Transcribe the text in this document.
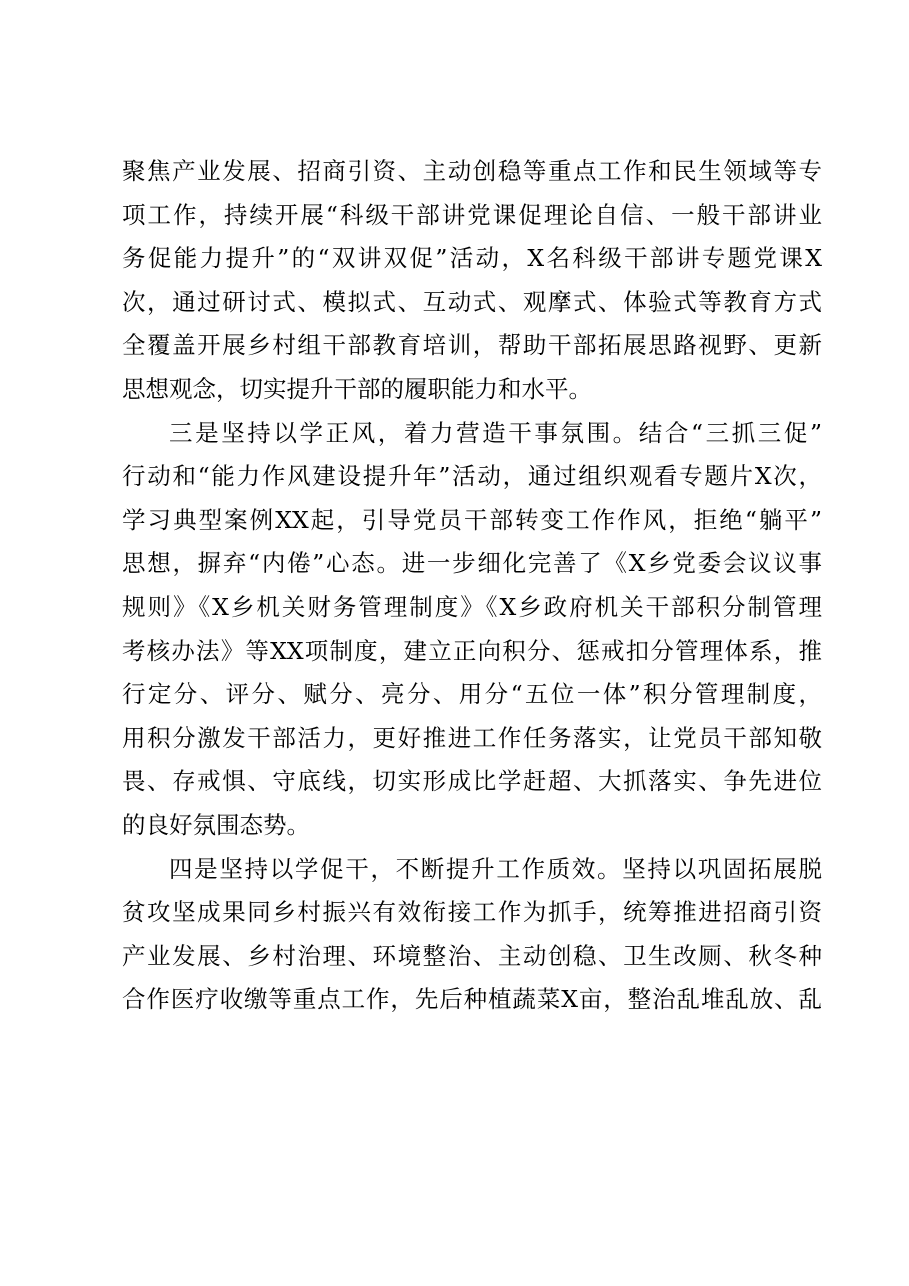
聚焦产业发展、招商引资、主动创稳等重点工作和民生领域等专
项工作，持续开展“科级干部讲党课促理论自信、一般干部讲业
务促能力提升”的“双讲双促”活动，X名科级干部讲专题党课X
次，通过研讨式、模拟式、互动式、观摩式、体验式等教育方式
全覆盖开展乡村组干部教育培训，帮助干部拓展思路视野、更新
思想观念，切实提升干部的履职能力和水平。
三是坚持以学正风，着力营造干事氛围。结合“三抓三促”
行动和“能力作风建设提升年”活动，通过组织观看专题片X次，
学习典型案例XX起，引导党员干部转变工作作风，拒绝“躺平”
思想，摒弃“内倦”心态。进一步细化完善了《X乡党委会议议事
规则》《X乡机关财务管理制度》《X乡政府机关干部积分制管理
考核办法》等XX项制度，建立正向积分、惩戒扣分管理体系，推
行定分、评分、赋分、亮分、用分“五位一体”积分管理制度，
用积分激发干部活力，更好推进工作任务落实，让党员干部知敬
畏、存戒惧、守底线，切实形成比学赶超、大抓落实、争先进位
的良好氛围态势。
四是坚持以学促干，不断提升工作质效。坚持以巩固拓展脱
贫攻坚成果同乡村振兴有效衔接工作为抓手，统筹推进招商引资
产业发展、乡村治理、环境整治、主动创稳、卫生改厕、秋冬种
合作医疗收缴等重点工作，先后种植蔬菜X亩，整治乱堆乱放、乱
